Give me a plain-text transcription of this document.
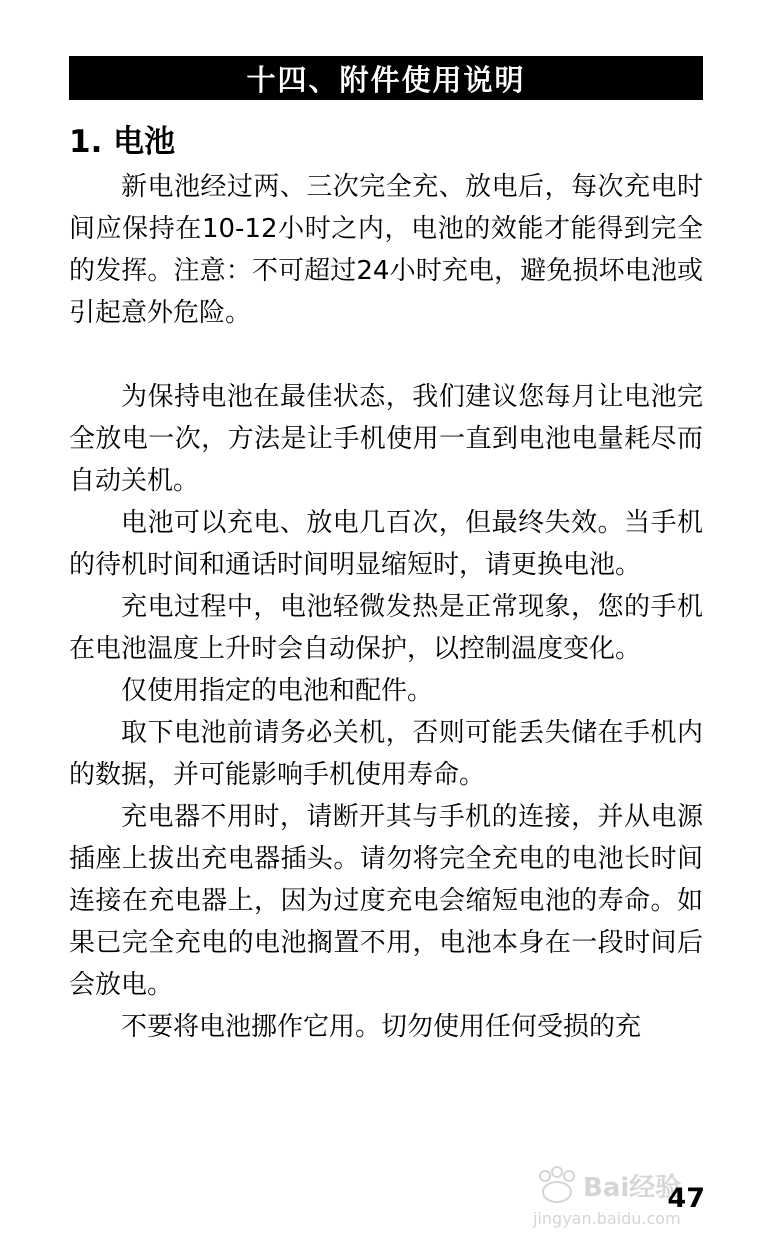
十四、附件使用说明
1. 电池

新电池经过两、三次完全充、放电后，每次充电时间应保持在10-12小时之内，电池的效能才能得到完全的发挥。注意：不可超过24小时充电，避免损坏电池或引起意外危险。

为保持电池在最佳状态，我们建议您每月让电池完全放电一次，方法是让手机使用一直到电池电量耗尽而自动关机。

电池可以充电、放电几百次，但最终失效。当手机的待机时间和通话时间明显缩短时，请更换电池。

充电过程中，电池轻微发热是正常现象，您的手机在电池温度上升时会自动保护，以控制温度变化。

仅使用指定的电池和配件。

取下电池前请务必关机，否则可能丢失储在手机内的数据，并可能影响手机使用寿命。

充电器不用时，请断开其与手机的连接，并从电源插座上拔出充电器插头。请勿将完全充电的电池长时间连接在充电器上，因为过度充电会缩短电池的寿命。如果已完全充电的电池搁置不用，电池本身在一段时间后会放电。

不要将电池挪作它用。切勿使用任何受损的充

Bai经验
jingyan.baidu.com
47
